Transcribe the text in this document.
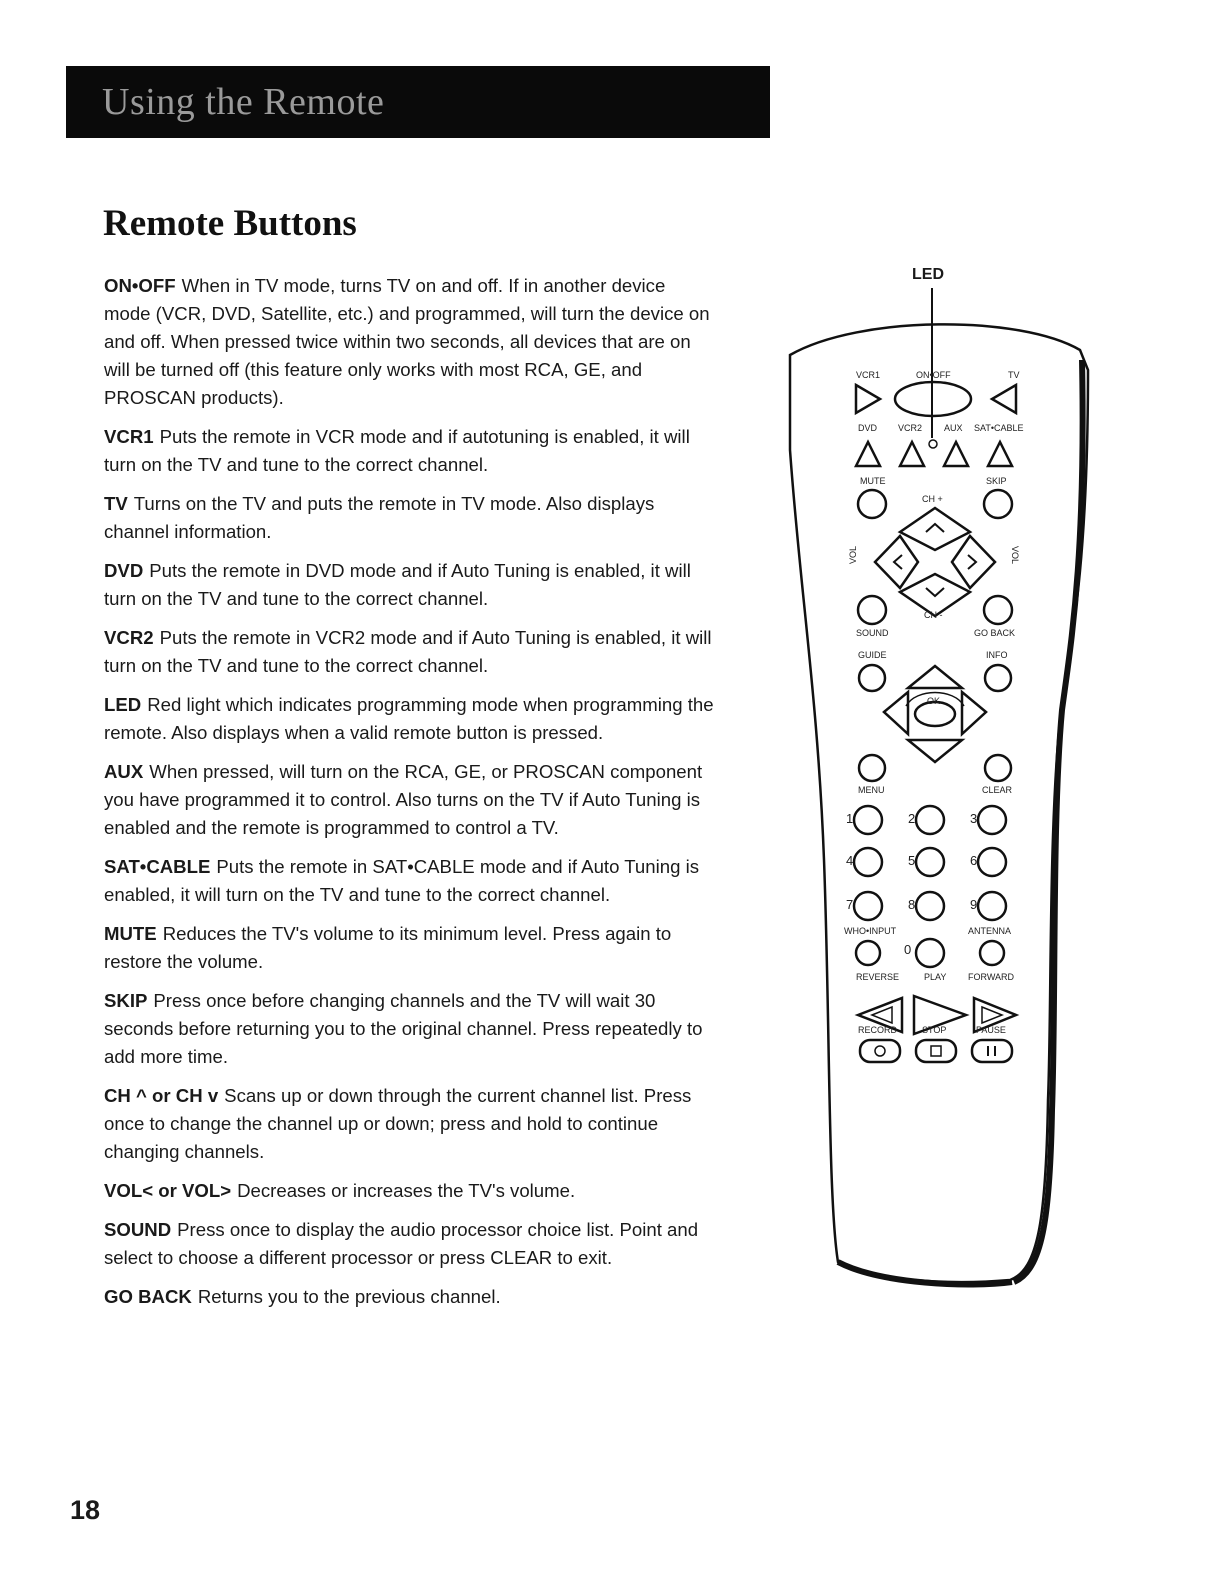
Using the Remote
Remote Buttons

ON•OFF When in TV mode, turns TV on and off. If in another device mode (VCR, DVD, Satellite, etc.) and programmed, will turn the device on and off. When pressed twice within two seconds, all devices that are on will be turned off (this feature only works with most RCA, GE, and PROSCAN products).

VCR1 Puts the remote in VCR mode and if autotuning is enabled, it will turn on the TV and tune to the correct channel.

TV Turns on the TV and puts the remote in TV mode. Also displays channel information.

DVD Puts the remote in DVD mode and if Auto Tuning is enabled, it will turn on the TV and tune to the correct channel.

VCR2 Puts the remote in VCR2 mode and if Auto Tuning is enabled, it will turn on the TV and tune to the correct channel.

LED Red light which indicates programming mode when programming the remote. Also displays when a valid remote button is pressed.

AUX When pressed, will turn on the RCA, GE, or PROSCAN component you have programmed it to control. Also turns on the TV if Auto Tuning is enabled and the remote is programmed to control a TV.

SAT•CABLE Puts the remote in SAT•CABLE mode and if Auto Tuning is enabled, it will turn on the TV and tune to the correct channel.

MUTE Reduces the TV's volume to its minimum level. Press again to restore the volume.

SKIP Press once before changing channels and the TV will wait 30 seconds before returning you to the original channel. Press repeatedly to add more time.

CH ^ or CH v Scans up or down through the current channel list. Press once to change the channel up or down; press and hold to continue changing channels.

VOL< or VOL> Decreases or increases the TV's volume.

SOUND Press once to display the audio processor choice list. Point and select to choose a different processor or press CLEAR to exit.

GO BACK Returns you to the previous channel.

LED
VCR1	ON•OFF	TV
DVD VCR2 AUX SAT•CABLE
MUTE	SKIP
CH +
CH -
VOL	VOL
SOUND	GO BACK
GUIDE	INFO
OK
MENU	CLEAR
1	2	3
4	5	6
7	8	9
0
WHO•INPUT	ANTENNA
REVERSE	PLAY FORWARD
RECORD	STOP	PAUSE
18
